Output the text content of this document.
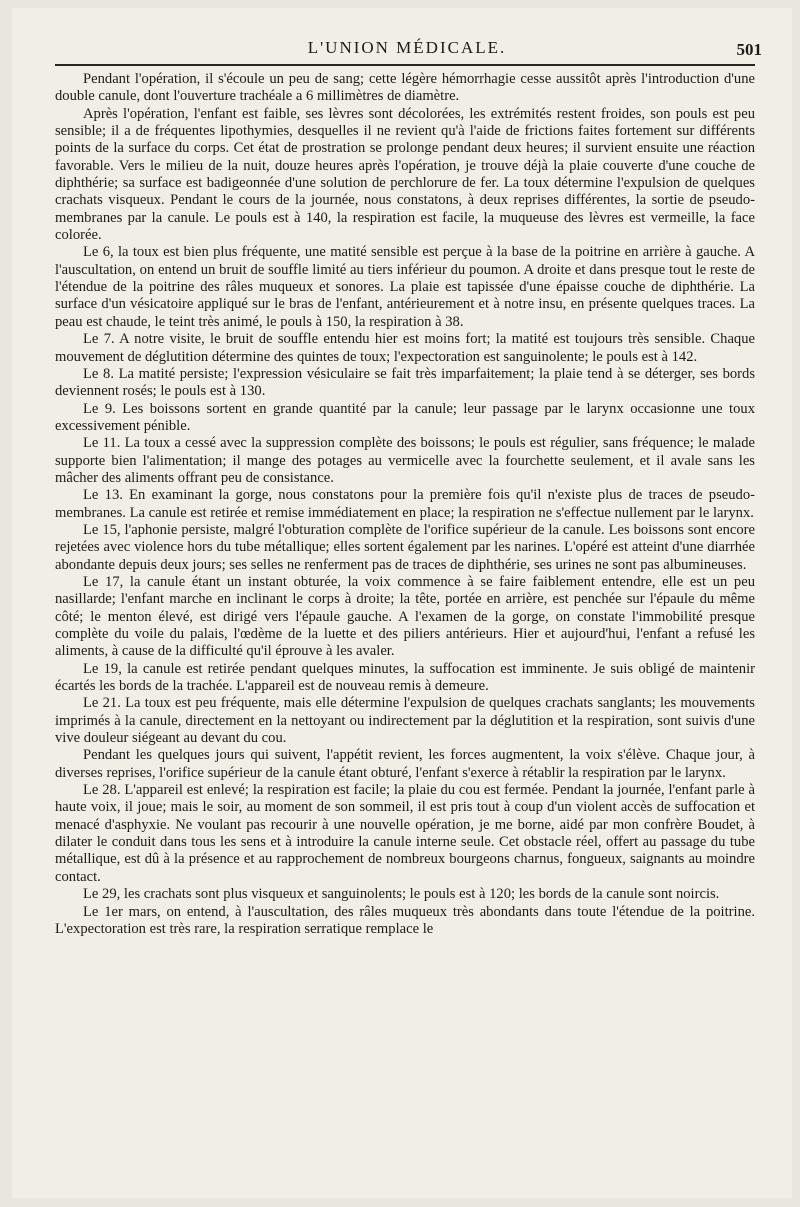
L'UNION MÉDICALE.	501

Pendant l'opération, il s'écoule un peu de sang; cette légère hémorrhagie cesse aussitôt après l'introduction d'une double canule, dont l'ouverture trachéale a 6 millimètres de diamètre.

Après l'opération, l'enfant est faible, ses lèvres sont décolorées, les extrémités restent froides, son pouls est peu sensible; il a de fréquentes lipothymies, desquelles il ne revient qu'à l'aide de frictions faites fortement sur différents points de la surface du corps. Cet état de prostration se prolonge pendant deux heures; il survient ensuite une réaction favorable. Vers le milieu de la nuit, douze heures après l'opération, je trouve déjà la plaie couverte d'une couche de diphthérie; sa surface est badigeonnée d'une solution de perchlorure de fer. La toux détermine l'expulsion de quelques crachats visqueux. Pendant le cours de la journée, nous constatons, à deux reprises différentes, la sortie de pseudo-membranes par la canule. Le pouls est à 140, la respiration est facile, la muqueuse des lèvres est vermeille, la face colorée.

Le 6, la toux est bien plus fréquente, une matité sensible est perçue à la base de la poitrine en arrière à gauche. A l'auscultation, on entend un bruit de souffle limité au tiers inférieur du poumon. A droite et dans presque tout le reste de l'étendue de la poitrine des râles muqueux et sonores. La plaie est tapissée d'une épaisse couche de diphthérie. La surface d'un vésicatoire appliqué sur le bras de l'enfant, antérieurement et à notre insu, en présente quelques traces. La peau est chaude, le teint très animé, le pouls à 150, la respiration à 38.

Le 7. A notre visite, le bruit de souffle entendu hier est moins fort; la matité est toujours très sensible. Chaque mouvement de déglutition détermine des quintes de toux; l'expectoration est sanguinolente; le pouls est à 142.

Le 8. La matité persiste; l'expression vésiculaire se fait très imparfaitement; la plaie tend à se déterger, ses bords deviennent rosés; le pouls est à 130.

Le 9. Les boissons sortent en grande quantité par la canule; leur passage par le larynx occasionne une toux excessivement pénible.

Le 11. La toux a cessé avec la suppression complète des boissons; le pouls est régulier, sans fréquence; le malade supporte bien l'alimentation; il mange des potages au vermicelle avec la fourchette seulement, et il avale sans les mâcher des aliments offrant peu de consistance.

Le 13. En examinant la gorge, nous constatons pour la première fois qu'il n'existe plus de traces de pseudo-membranes. La canule est retirée et remise immédiatement en place; la respiration ne s'effectue nullement par le larynx.

Le 15, l'aphonie persiste, malgré l'obturation complète de l'orifice supérieur de la canule. Les boissons sont encore rejetées avec violence hors du tube métallique; elles sortent également par les narines. L'opéré est atteint d'une diarrhée abondante depuis deux jours; ses selles ne renferment pas de traces de diphthérie, ses urines ne sont pas albumineuses.

Le 17, la canule étant un instant obturée, la voix commence à se faire faiblement entendre, elle est un peu nasillarde; l'enfant marche en inclinant le corps à droite; la tête, portée en arrière, est penchée sur l'épaule du même côté; le menton élevé, est dirigé vers l'épaule gauche. A l'examen de la gorge, on constate l'immobilité presque complète du voile du palais, l'œdème de la luette et des piliers antérieurs. Hier et aujourd'hui, l'enfant a refusé les aliments, à cause de la difficulté qu'il éprouve à les avaler.

Le 19, la canule est retirée pendant quelques minutes, la suffocation est imminente. Je suis obligé de maintenir écartés les bords de la trachée. L'appareil est de nouveau remis à demeure.

Le 21. La toux est peu fréquente, mais elle détermine l'expulsion de quelques crachats sanglants; les mouvements imprimés à la canule, directement en la nettoyant ou indirectement par la déglutition et la respiration, sont suivis d'une vive douleur siégeant au devant du cou.

Pendant les quelques jours qui suivent, l'appétit revient, les forces augmentent, la voix s'élève. Chaque jour, à diverses reprises, l'orifice supérieur de la canule étant obturé, l'enfant s'exerce à rétablir la respiration par le larynx.

Le 28. L'appareil est enlevé; la respiration est facile; la plaie du cou est fermée. Pendant la journée, l'enfant parle à haute voix, il joue; mais le soir, au moment de son sommeil, il est pris tout à coup d'un violent accès de suffocation et menacé d'asphyxie. Ne voulant pas recourir à une nouvelle opération, je me borne, aidé par mon confrère Boudet, à dilater le conduit dans tous les sens et à introduire la canule interne seule. Cet obstacle réel, offert au passage du tube métallique, est dû à la présence et au rapprochement de nombreux bourgeons charnus, fongueux, saignants au moindre contact.

Le 29, les crachats sont plus visqueux et sanguinolents; le pouls est à 120; les bords de la canule sont noircis.

Le 1er mars, on entend, à l'auscultation, des râles muqueux très abondants dans toute l'étendue de la poitrine. L'expectoration est très rare, la respiration serratique remplace le
